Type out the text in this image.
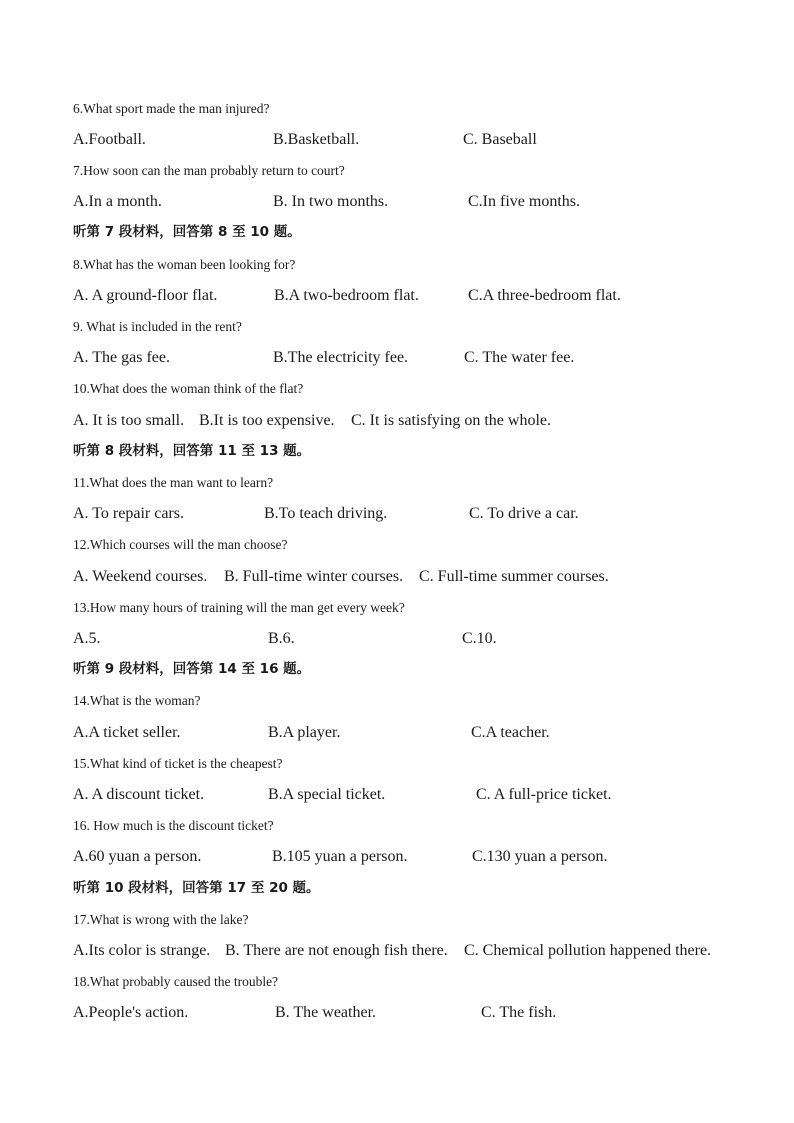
6.What sport made the man injured?
A.Football.	B.Basketball.	C. Baseball
7.How soon can the man probably return to court?
A.In a month.	B. In two months.	C.In five months.
听第 7 段材料，回答第 8 至 10 题。
8.What has the woman been looking for?
A. A ground-floor flat.	B.A two-bedroom flat.	C.A three-bedroom flat.
9. What is included in the rent?
A. The gas fee.	B.The electricity fee.	C. The water fee.
10.What does the woman think of the flat?
A. It is too small. B.It is too expensive. C. It is satisfying on the whole.
听第 8 段材料，回答第 11 至 13 题。
11.What does the man want to learn?
A. To repair cars.	B.To teach driving.	C. To drive a car.
12.Which courses will the man choose?
A. Weekend courses. B. Full-time winter courses. C. Full-time summer courses.
13.How many hours of training will the man get every week?
A.5.	B.6.	C.10.
听第 9 段材料，回答第 14 至 16 题。
14.What is the woman?
A.A ticket seller.	B.A player.	C.A teacher.
15.What kind of ticket is the cheapest?
A. A discount ticket.	B.A special ticket.	C. A full-price ticket.
16. How much is the discount ticket?
A.60 yuan a person.	B.105 yuan a person.	C.130 yuan a person.
听第 10 段材料，回答第 17 至 20 题。
17.What is wrong with the lake?
A.Its color is strange. B. There are not enough fish there. C. Chemical pollution happened there.
18.What probably caused the trouble?
A.People's action.	B. The weather.	C. The fish.
